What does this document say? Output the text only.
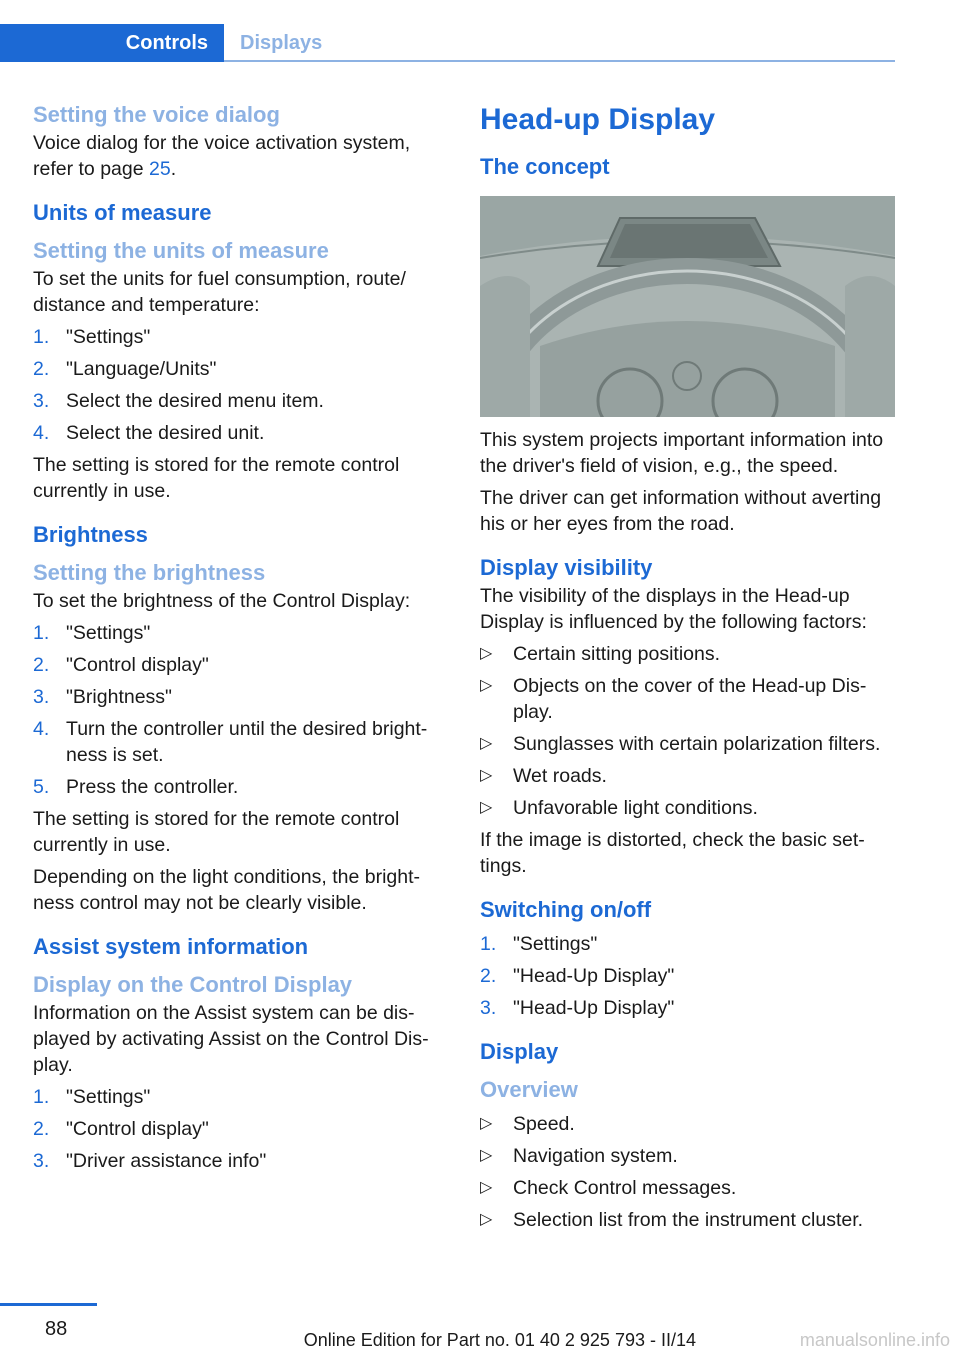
Controls	Displays
Setting the voice dialog

Voice dialog for the voice activation system, refer to page 25.

Units of measure
Setting the units of measure

To set the units for fuel consumption, route/ distance and temperature:

1. "Settings"
2. "Language/Units"
3. Select the desired menu item.
4. Select the desired unit.

The setting is stored for the remote control currently in use.

Brightness
Setting the brightness

To set the brightness of the Control Display:

1. "Settings"
2. "Control display"
3. "Brightness"
4. Turn the controller until the desired bright‐ ness is set.
5. Press the controller.

The setting is stored for the remote control currently in use.

Depending on the light conditions, the bright‐ ness control may not be clearly visible.

Assist system information
Display on the Control Display

Information on the Assist system can be dis‐ played by activating Assist on the Control Dis‐ play.

1. "Settings"
2. "Control display"
3. "Driver assistance info"
Head-up Display
The concept

This system projects important information into the driver's field of vision, e.g., the speed.

The driver can get information without averting his or her eyes from the road.

Display visibility

The visibility of the displays in the Head-up Display is influenced by the following factors:

▷ Certain sitting positions.
▷ Objects on the cover of the Head-up Dis‐ play.
▷ Sunglasses with certain polarization filters.
▷ Wet roads.
▷ Unfavorable light conditions.

If the image is distorted, check the basic set‐ tings.

Switching on/off
1. "Settings"
2. "Head-Up Display"
3. "Head-Up Display"
Display
Overview
▷ Speed.
▷ Navigation system.
▷ Check Control messages.
▷ Selection list from the instrument cluster.
88	Online Edition for Part no. 01 40 2 925 793 - II/14	manualsonline.info
